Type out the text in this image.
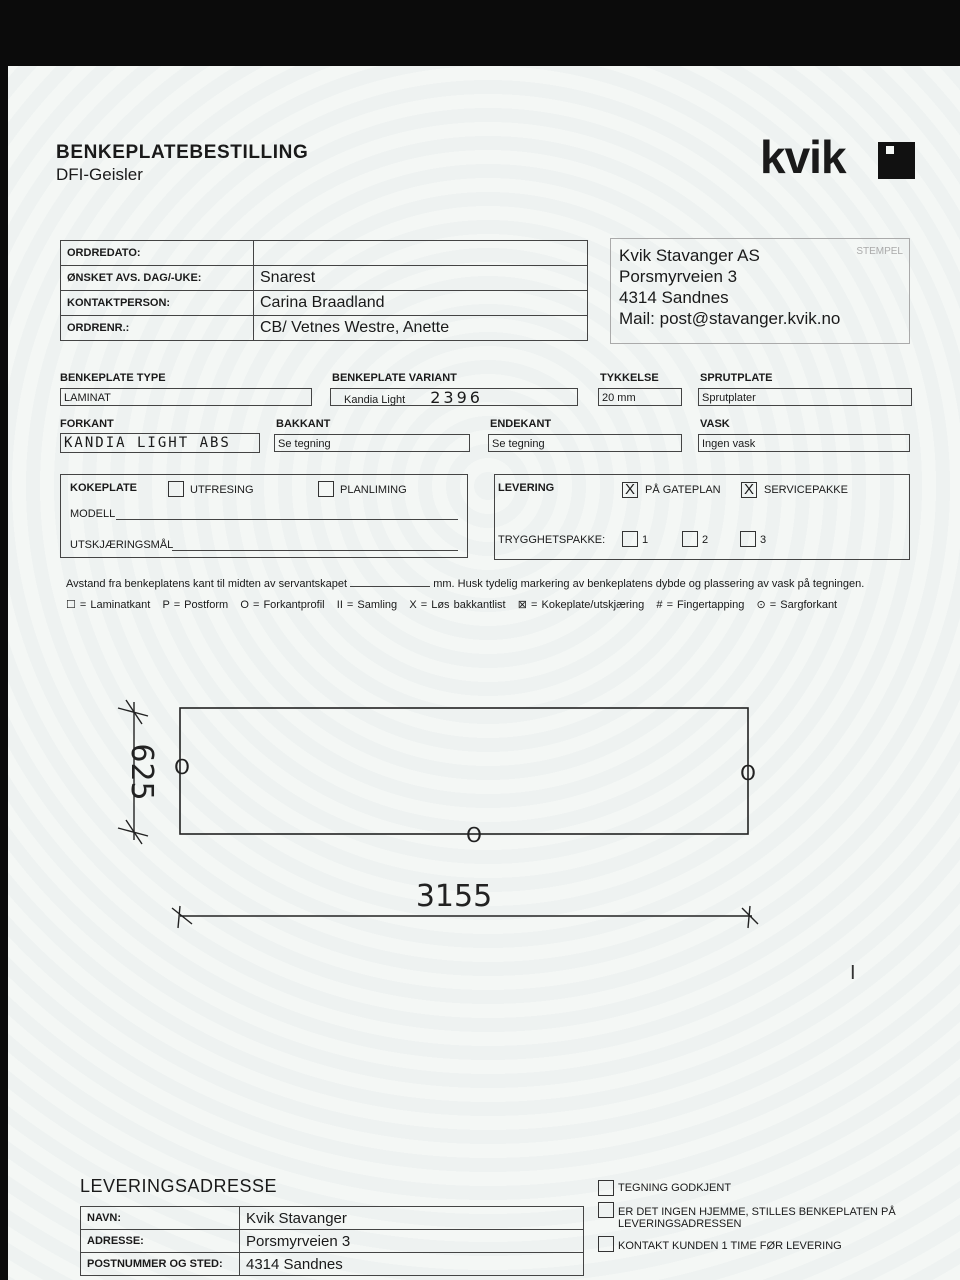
BENKEPLATEBESTILLING
DFI-Geisler	kvik
ORDREDATO:	
ØNSKET AVS. DAG/-UKE:	Snarest
KONTAKTPERSON:	Carina Braadland
ORDRENR.:	CB/ Vetnes Westre, Anette
STEMPEL
Kvik Stavanger AS
Porsmyrveien 3
4314 Sandnes
Mail: post@stavanger.kvik.no
BENKEPLATE TYPE
LAMINAT
BENKEPLATE VARIANT
Kandia Light 2396
TYKKELSE
20 mm
SPRUTPLATE
Sprutplater
FORKANT
KANDIA LIGHT ABS
BAKKANT
Se tegning
ENDEKANT
Se tegning
VASK
Ingen vask
KOKEPLATE	UTFRESING	PLANLIMING
MODELL
UTSKJÆRINGSMÅL
LEVERING	X PÅ GATEPLAN X SERVICEPAKKE
TRYGGHETSPAKKE:	1	2	3
Avstand fra benkeplatens kant til midten av servantskapet	mm. Husk tydelig markering av benkeplatens dybde og plassering av vask på tegningen.
☐ = Laminatkant P = Postform O = Forkantprofil II = Samling X = Løs bakkantlist ⊠ = Kokeplate/utskjæring # = Fingertapping ⊙ = Sargforkant
625
3155
O	O
O
I
LEVERINGSADRESSE
NAVN:	Kvik Stavanger
ADRESSE:	Porsmyrveien 3
POSTNUMMER OG STED:	4314 Sandnes
TEGNING GODKJENT
ER DET INGEN HJEMME, STILLES BENKEPLATEN PÅ
LEVERINGSADRESSEN
KONTAKT KUNDEN 1 TIME FØR LEVERING
